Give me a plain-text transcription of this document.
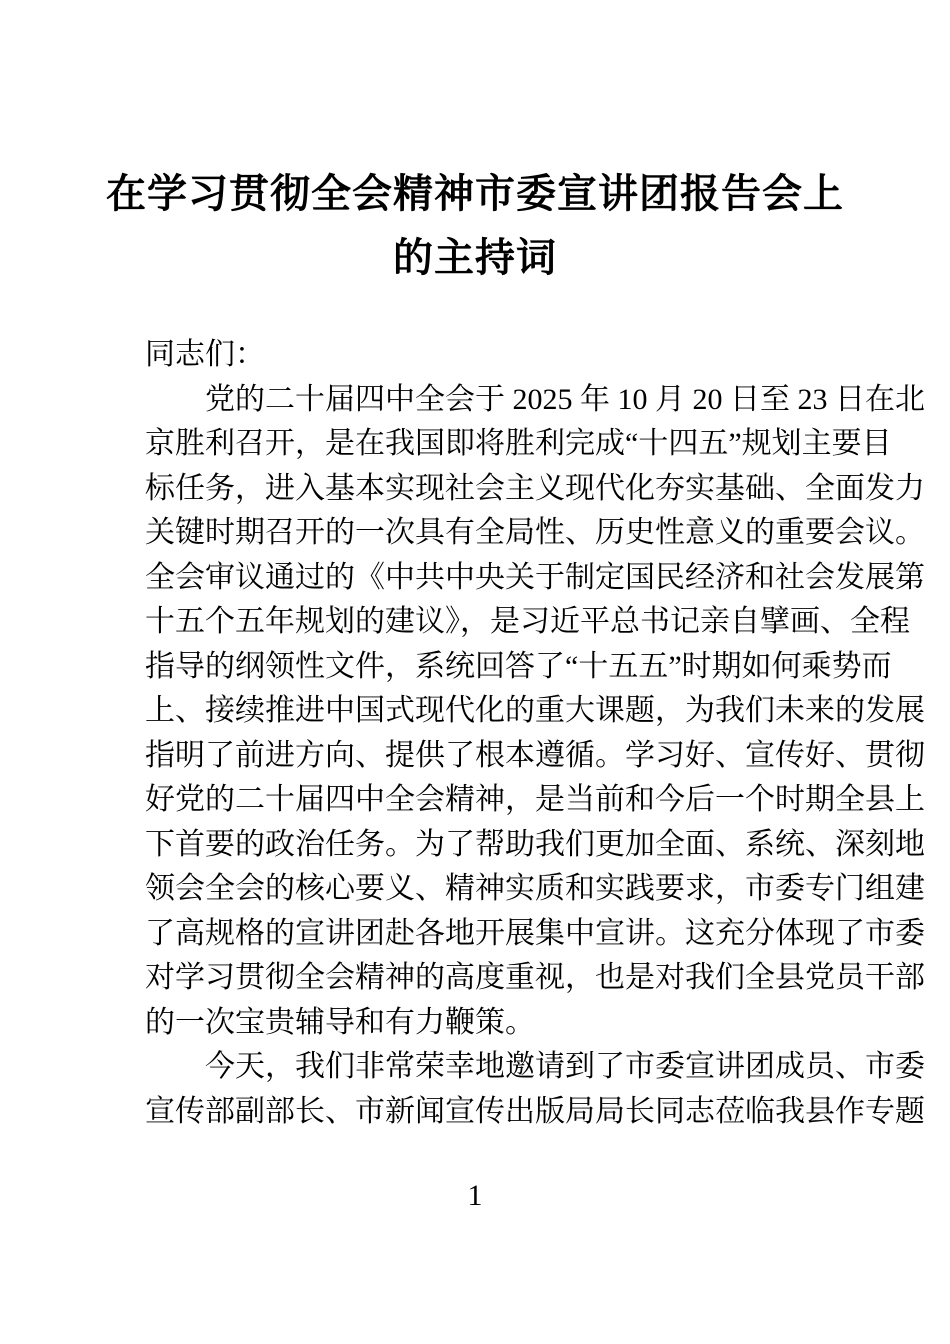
在学习贯彻全会精神市委宣讲团报告会上
的主持词
同志们：
党的二十届四中全会于 2025 年 10 月 20 日至 23 日在北
京胜利召开，是在我国即将胜利完成“十四五”规划主要目
标任务，进入基本实现社会主义现代化夯实基础、全面发力
关键时期召开的一次具有全局性、历史性意义的重要会议。
全会审议通过的《中共中央关于制定国民经济和社会发展第
十五个五年规划的建议》，是习近平总书记亲自擘画、全程
指导的纲领性文件，系统回答了“十五五”时期如何乘势而
上、接续推进中国式现代化的重大课题，为我们未来的发展
指明了前进方向、提供了根本遵循。学习好、宣传好、贯彻
好党的二十届四中全会精神，是当前和今后一个时期全县上
下首要的政治任务。为了帮助我们更加全面、系统、深刻地
领会全会的核心要义、精神实质和实践要求，市委专门组建
了高规格的宣讲团赴各地开展集中宣讲。这充分体现了市委
对学习贯彻全会精神的高度重视，也是对我们全县党员干部
的一次宝贵辅导和有力鞭策。
今天，我们非常荣幸地邀请到了市委宣讲团成员、市委
宣传部副部长、市新闻宣传出版局局长同志莅临我县作专题
1
